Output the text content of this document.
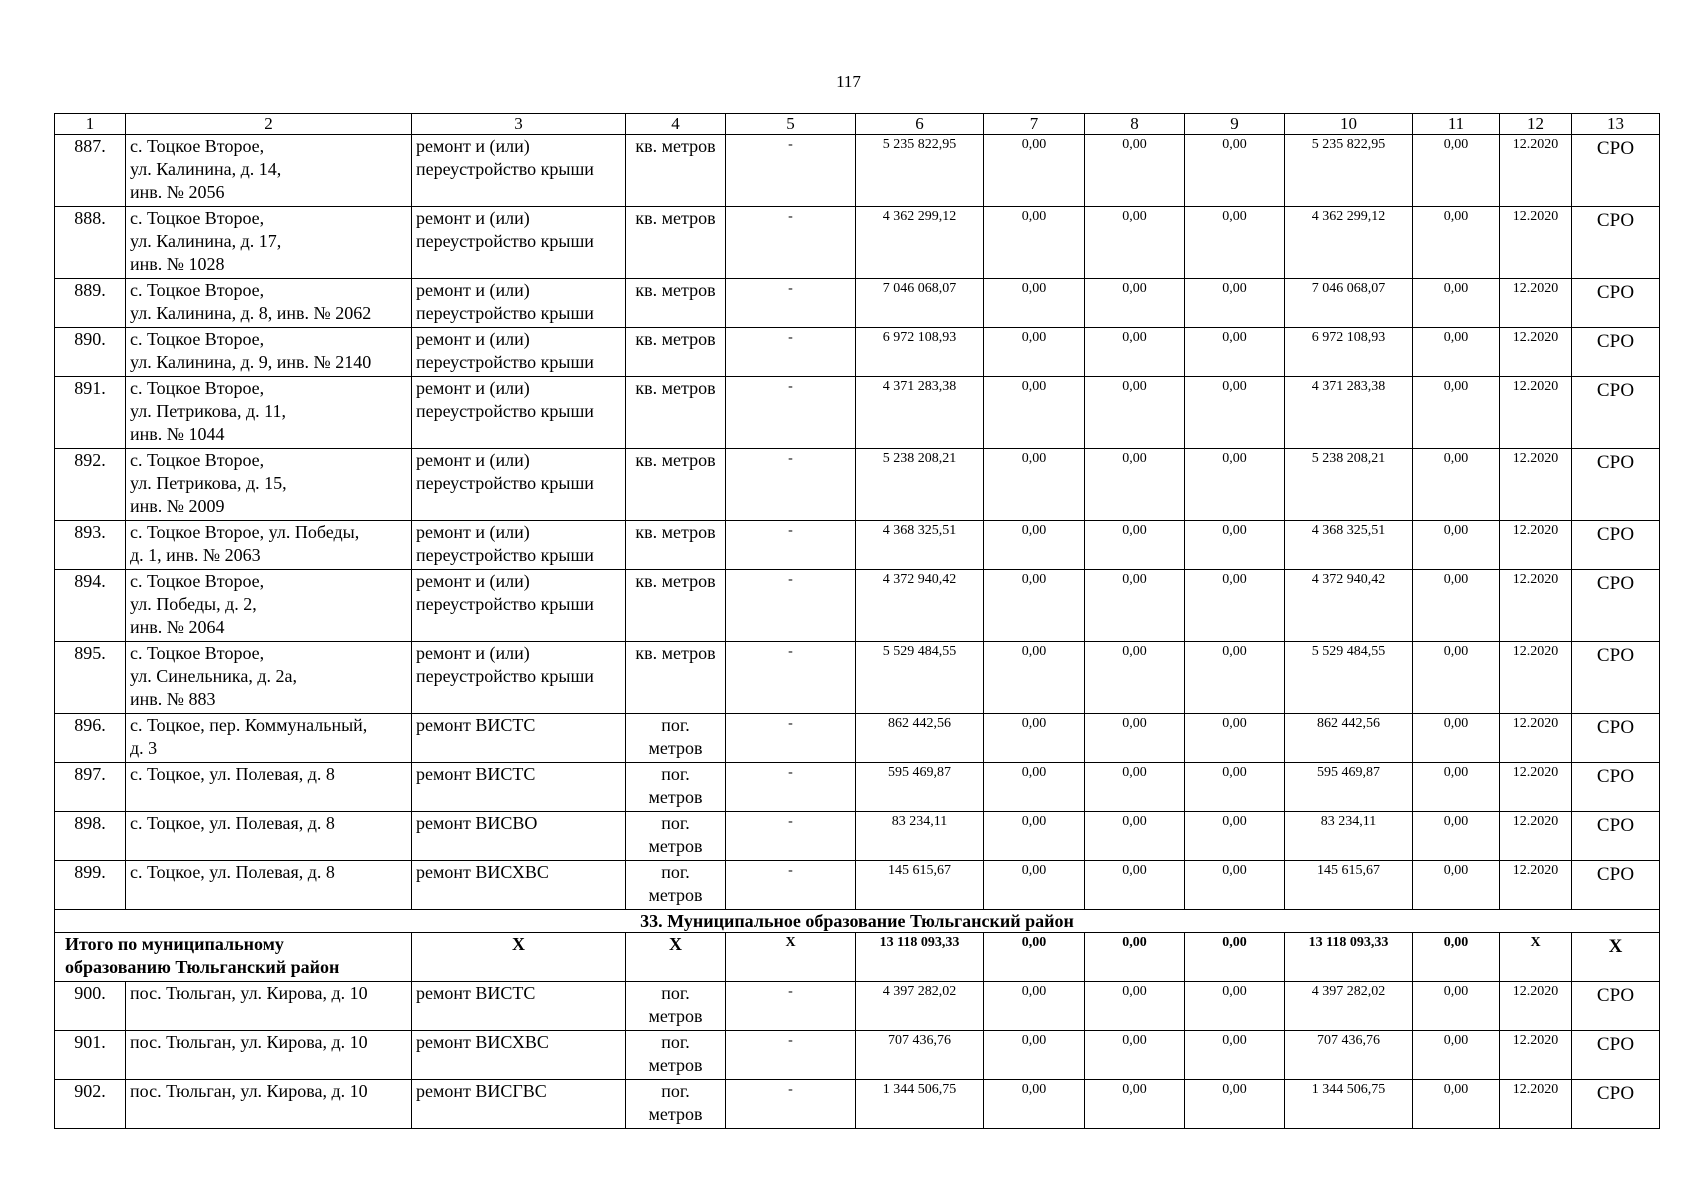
117
1	2	3	4	5	6	7	8	9	10	11	12	13
887.	с. Тоцкое Второе,
ул. Калинина, д. 14,
инв. № 2056	ремонт и (или)
переустройство крыши	кв. метров	-	5 235 822,95	0,00	0,00	0,00	5 235 822,95	0,00	12.2020	СРО
888.	с. Тоцкое Второе,
ул. Калинина, д. 17,
инв. № 1028	ремонт и (или)
переустройство крыши	кв. метров	-	4 362 299,12	0,00	0,00	0,00	4 362 299,12	0,00	12.2020	СРО
889.	с. Тоцкое Второе,
ул. Калинина, д. 8, инв. № 2062	ремонт и (или)
переустройство крыши	кв. метров	-	7 046 068,07	0,00	0,00	0,00	7 046 068,07	0,00	12.2020	СРО
890.	с. Тоцкое Второе,
ул. Калинина, д. 9, инв. № 2140	ремонт и (или)
переустройство крыши	кв. метров	-	6 972 108,93	0,00	0,00	0,00	6 972 108,93	0,00	12.2020	СРО
891.	с. Тоцкое Второе,
ул. Петрикова, д. 11,
инв. № 1044	ремонт и (или)
переустройство крыши	кв. метров	-	4 371 283,38	0,00	0,00	0,00	4 371 283,38	0,00	12.2020	СРО
892.	с. Тоцкое Второе,
ул. Петрикова, д. 15,
инв. № 2009	ремонт и (или)
переустройство крыши	кв. метров	-	5 238 208,21	0,00	0,00	0,00	5 238 208,21	0,00	12.2020	СРО
893.	с. Тоцкое Второе, ул. Победы,
д. 1, инв. № 2063	ремонт и (или)
переустройство крыши	кв. метров	-	4 368 325,51	0,00	0,00	0,00	4 368 325,51	0,00	12.2020	СРО
894.	с. Тоцкое Второе,
ул. Победы, д. 2,
инв. № 2064	ремонт и (или)
переустройство крыши	кв. метров	-	4 372 940,42	0,00	0,00	0,00	4 372 940,42	0,00	12.2020	СРО
895.	с. Тоцкое Второе,
ул. Синельника, д. 2а,
инв. № 883	ремонт и (или)
переустройство крыши	кв. метров	-	5 529 484,55	0,00	0,00	0,00	5 529 484,55	0,00	12.2020	СРО
896.	с. Тоцкое, пер. Коммунальный,
д. 3	ремонт ВИСТС	пог.
метров	-	862 442,56	0,00	0,00	0,00	862 442,56	0,00	12.2020	СРО
897.	с. Тоцкое, ул. Полевая, д. 8	ремонт ВИСТС	пог.
метров	-	595 469,87	0,00	0,00	0,00	595 469,87	0,00	12.2020	СРО
898.	с. Тоцкое, ул. Полевая, д. 8	ремонт ВИСВО	пог.
метров	-	83 234,11	0,00	0,00	0,00	83 234,11	0,00	12.2020	СРО
899.	с. Тоцкое, ул. Полевая, д. 8	ремонт ВИСХВС	пог.
метров	-	145 615,67	0,00	0,00	0,00	145 615,67	0,00	12.2020	СРО
33. Муниципальное образование Тюльганский район												
Итого по муниципальному
образованию Тюльганский район		Х	Х	Х	13 118 093,33	0,00	0,00	0,00	13 118 093,33	0,00	Х	Х
900.	пос. Тюльган, ул. Кирова, д. 10	ремонт ВИСТС	пог.
метров	-	4 397 282,02	0,00	0,00	0,00	4 397 282,02	0,00	12.2020	СРО
901.	пос. Тюльган, ул. Кирова, д. 10	ремонт ВИСХВС	пог.
метров	-	707 436,76	0,00	0,00	0,00	707 436,76	0,00	12.2020	СРО
902.	пос. Тюльган, ул. Кирова, д. 10	ремонт ВИСГВС	пог.
метров	-	1 344 506,75	0,00	0,00	0,00	1 344 506,75	0,00	12.2020	СРО
